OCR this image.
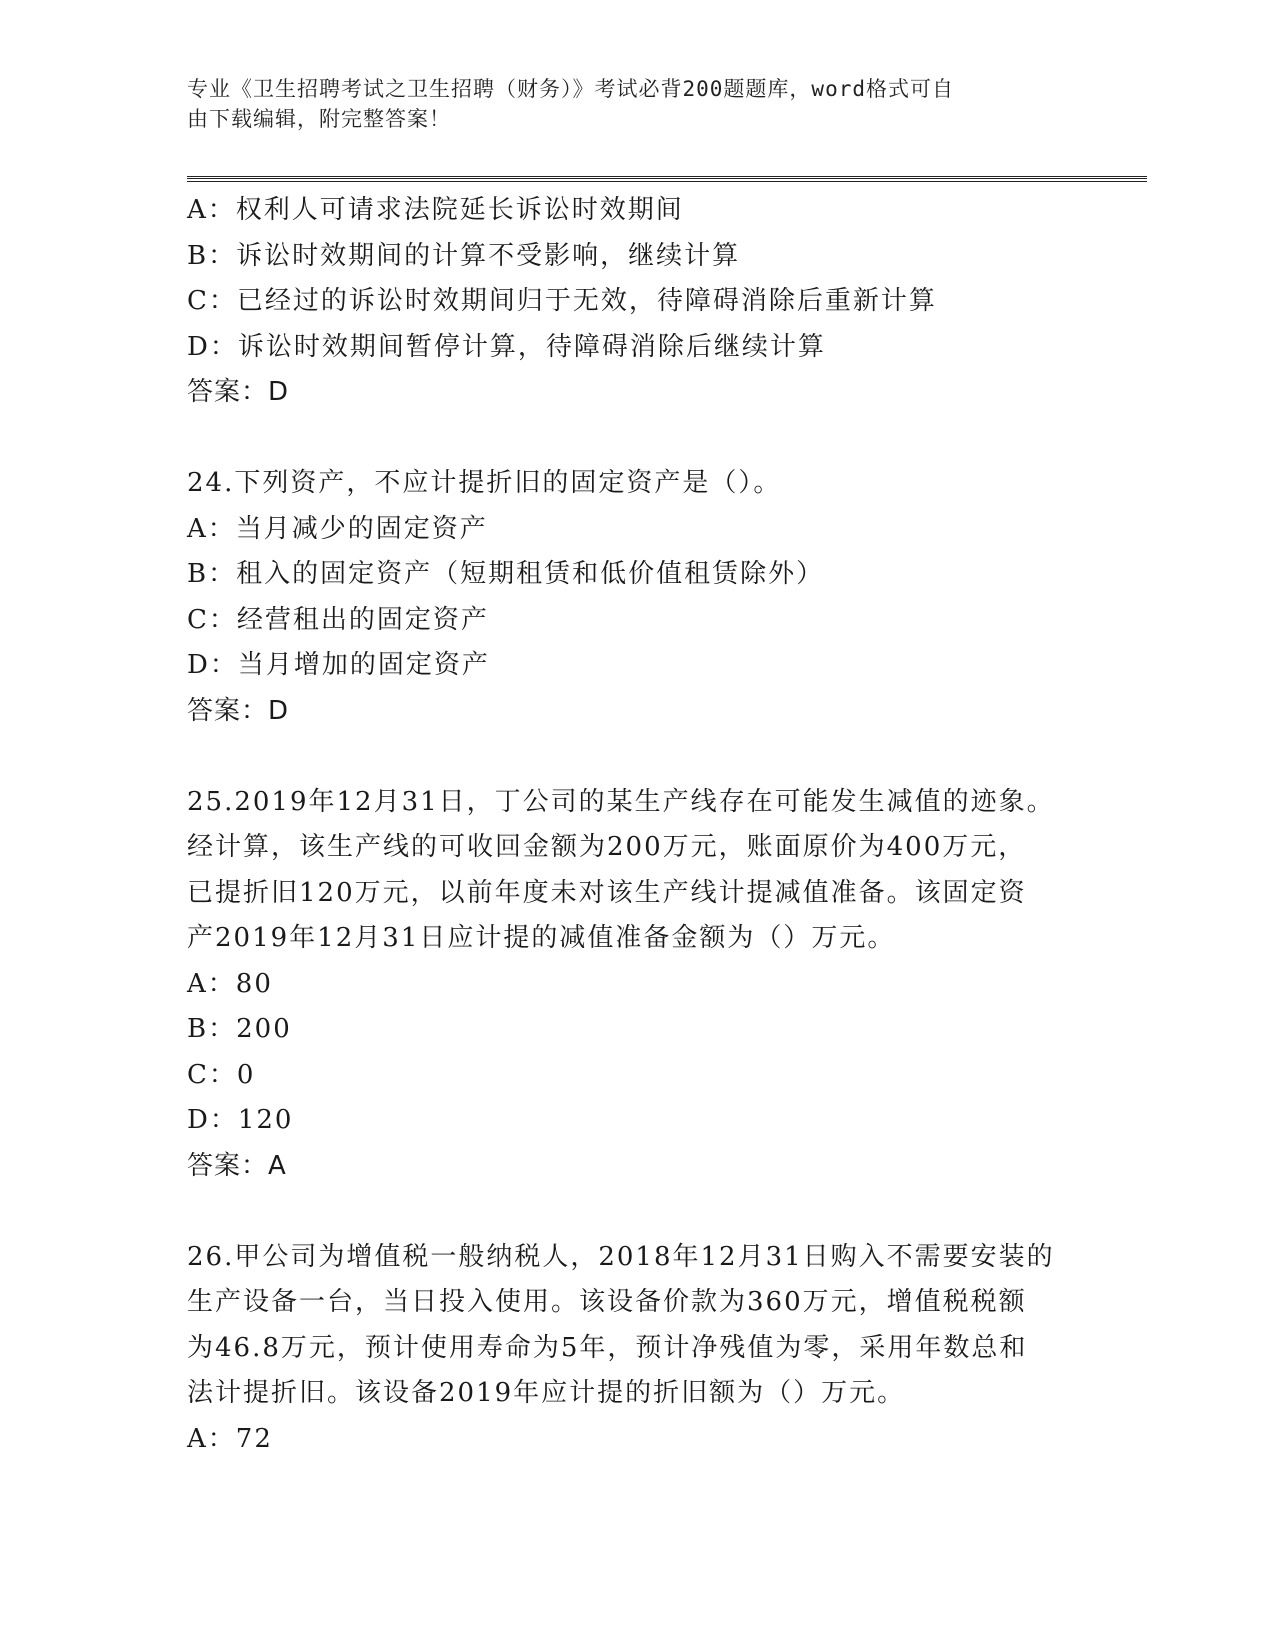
专业《卫生招聘考试之卫生招聘（财务）》考试必背200题题库，word格式可自
由下载编辑，附完整答案！
A：权利人可请求法院延长诉讼时效期间
B：诉讼时效期间的计算不受影响，继续计算
C：已经过的诉讼时效期间归于无效，待障碍消除后重新计算
D：诉讼时效期间暂停计算，待障碍消除后继续计算
答案：D
24.下列资产，不应计提折旧的固定资产是（）。
A：当月减少的固定资产
B：租入的固定资产（短期租赁和低价值租赁除外）
C：经营租出的固定资产
D：当月增加的固定资产
答案：D
25.2019年12月31日，丁公司的某生产线存在可能发生减值的迹象。
经计算，该生产线的可收回金额为200万元，账面原价为400万元，
已提折旧120万元，以前年度未对该生产线计提减值准备。该固定资
产2019年12月31日应计提的减值准备金额为（）万元。
A：80
B：200
C：0
D：120
答案：A
26.甲公司为增值税一般纳税人，2018年12月31日购入不需要安装的
生产设备一台，当日投入使用。该设备价款为360万元，增值税税额
为46.8万元，预计使用寿命为5年，预计净残值为零，采用年数总和
法计提折旧。该设备2019年应计提的折旧额为（）万元。
A：72
